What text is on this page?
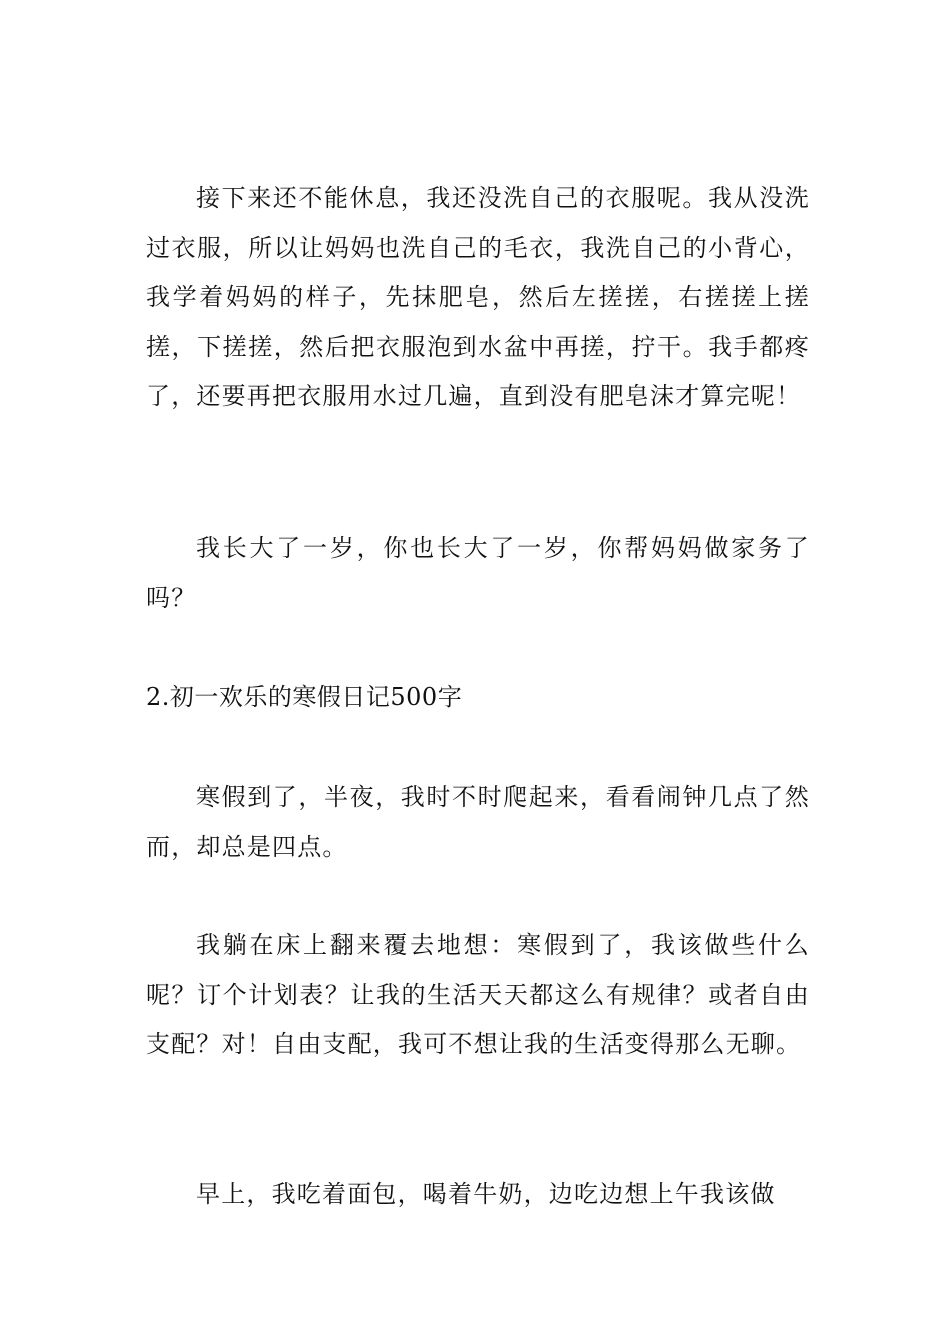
接下来还不能休息，我还没洗自己的衣服呢。我从没洗过衣服，所以让妈妈也洗自己的毛衣，我洗自己的小背心，我学着妈妈的样子，先抹肥皂，然后左搓搓，右搓搓上搓搓，下搓搓，然后把衣服泡到水盆中再搓，拧干。我手都疼了，还要再把衣服用水过几遍，直到没有肥皂沫才算完呢！

我长大了一岁，你也长大了一岁，你帮妈妈做家务了吗？

2.初一欢乐的寒假日记500字

寒假到了，半夜，我时不时爬起来，看看闹钟几点了然而，却总是四点。

我躺在床上翻来覆去地想：寒假到了，我该做些什么呢？订个计划表？让我的生活天天都这么有规律？或者自由支配？对！自由支配，我可不想让我的生活变得那么无聊。

早上，我吃着面包，喝着牛奶，边吃边想上午我该做
